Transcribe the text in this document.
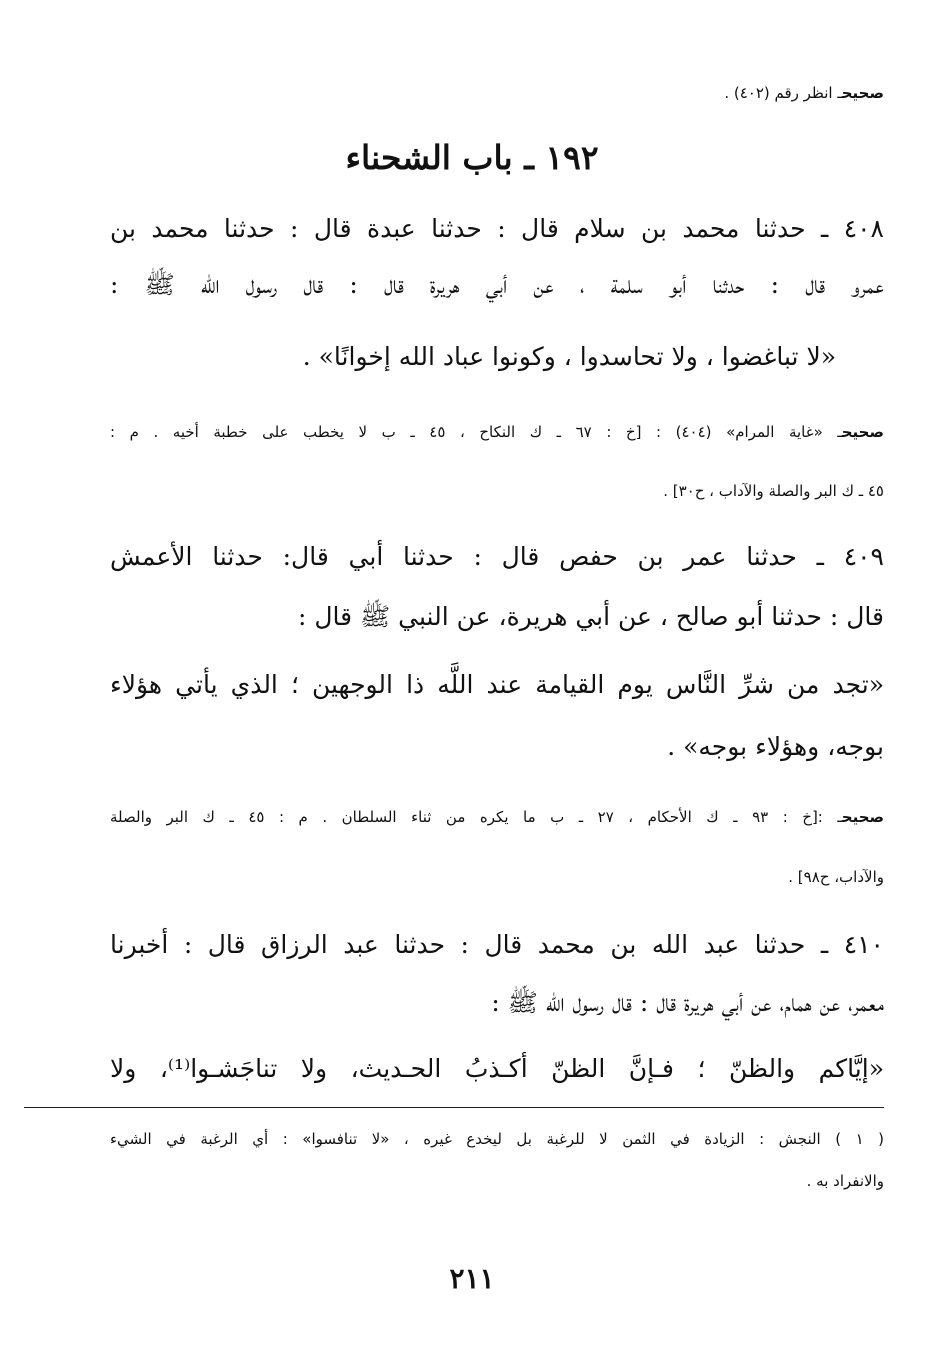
صحيحـ انظر رقم (٤٠٢) .
١٩٢ ـ باب الشحناء
٤٠٨ ـ حدثنا محمد بن سلام قال : حدثنا عبدة قال : حدثنا محمد بن
عمرو قال : حدثنا أبو سلمة ، عن أبي هريرة قال : قال رسول الله ﷺ :
«لا تباغضوا ، ولا تحاسدوا ، وكونوا عباد الله إخوانًا» .
صحيحـ «غاية المرام» (٤٠٤) : [خ : ٦٧ ـ ك النكاح ، ٤٥ ـ ب لا يخطب على خطبة أخيه . م :
٤٥ ـ ك البر والصلة والآداب ، ح٣٠] .
٤٠٩ ـ حدثنا عمر بن حفص قال : حدثنا أبي قال: حدثنا الأعمش
قال : حدثنا أبو صالح ، عن أبي هريرة، عن النبي ﷺ قال :
«تجد من شرِّ النَّاس يوم القيامة عند اللَّه ذا الوجهين ؛ الذي يأتي هؤلاء
بوجه، وهؤلاء بوجه» .
صحيحـ :[خ : ٩٣ ـ ك الأحكام ، ٢٧ ـ ب ما يكره من ثناء السلطان . م : ٤٥ ـ ك البر والصلة
والآداب، ح٩٨] .
٤١٠ ـ حدثنا عبد الله بن محمد قال : حدثنا عبد الرزاق قال : أخبرنا
معمر، عن همام، عن أبي هريرة قال : قال رسول الله ﷺ :
«إيَّاكم والظنّ ؛ فـإنَّ الظنّ أكـذبُ الحـديث، ولا تناجَشـوا⁽¹⁾، ولا
( ١ ) النجش : الزيادة في الثمن لا للرغبة بل ليخدع غيره ، «لا تنافسوا» : أي الرغبة في الشيء
والانفراد به .
٢١١
